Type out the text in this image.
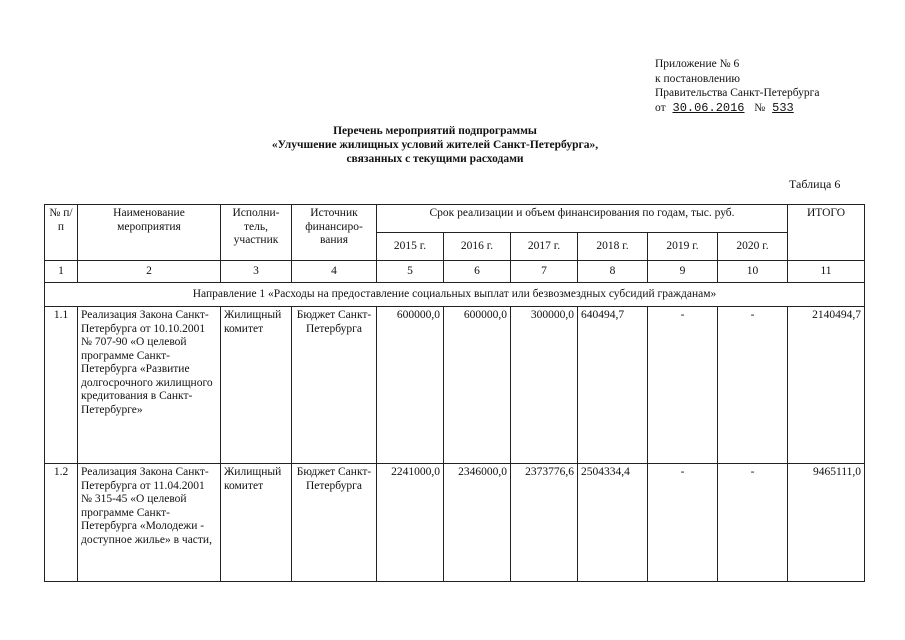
Приложение № 6
к постановлению
Правительства Санкт-Петербурга
от 30.06.2016 № 533
Перечень мероприятий подпрограммы
«Улучшение жилищных условий жителей Санкт-Петербурга»,
связанных с текущими расходами
Таблица 6
№ п/п	Наименование мероприятия	Исполни-тель, участник	Источник финансиро-вания	Срок реализации и объем финансирования по годам, тыс. руб.						ИТОГО
				2015 г.	2016 г.	2017 г.	2018 г.	2019 г.	2020 г.	
1	2	3	4	5	6	7	8	9	10	11
Направление 1 «Расходы на предоставление социальных выплат или безвозмездных субсидий гражданам»										
1.1	Реализация Закона Санкт-Петербурга от 10.10.2001 № 707-90 «О целевой программе Санкт-Петербурга «Развитие долгосрочного жилищного кредитования в Санкт-Петербурге»	Жилищный комитет	Бюджет Санкт-Петербурга	600000,0	600000,0	300000,0	640494,7	-	-	2140494,7
1.2	Реализация Закона Санкт-Петербурга от 11.04.2001 № 315-45 «О целевой программе Санкт-Петербурга «Молодежи - доступное жилье» в части,	Жилищный комитет	Бюджет Санкт-Петербурга	2241000,0	2346000,0	2373776,6	2504334,4	-	-	9465111,0
